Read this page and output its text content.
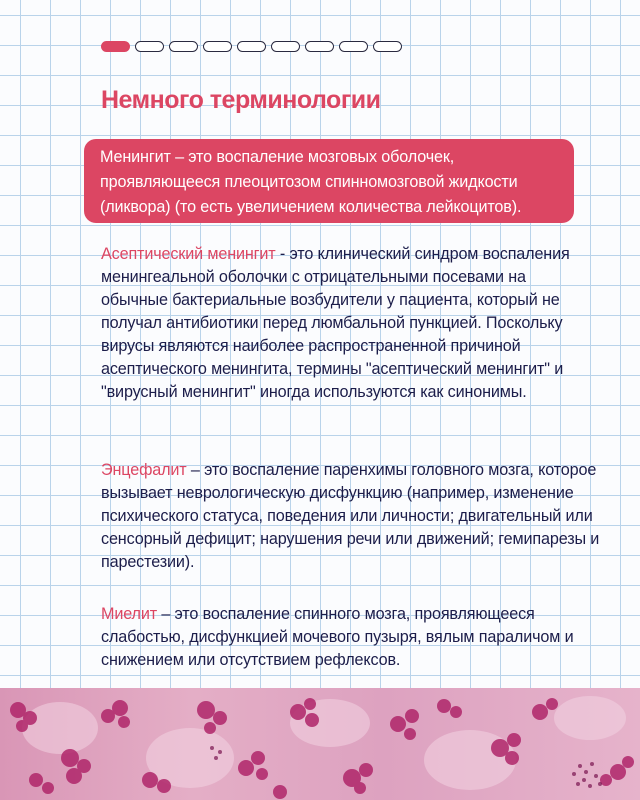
Немного терминологии
Менингит – это воспаление мозговых оболочек, проявляющееся плеоцитозом спинномозговой жидкости (ликвора) (то есть увеличением количества лейкоцитов).

Асептический менингит - это клинический синдром воспаления менингеальной оболочки с отрицательными посевами на обычные бактериальные возбудители у пациента, который не получал антибиотики перед люмбальной пункцией. Поскольку вирусы являются наиболее распространенной причиной асептического менингита, термины "асептический менингит" и "вирусный менингит" иногда используются как синонимы.

Энцефалит – это воспаление паренхимы головного мозга, которое вызывает неврологическую дисфункцию (например, изменение психического статуса, поведения или личности; двигательный или сенсорный дефицит; нарушения речи или движений; гемипарезы и парестезии).

Миелит – это воспаление спинного мозга, проявляющееся слабостью, дисфункцией мочевого пузыря, вялым параличом и снижением или отсутствием рефлексов.
